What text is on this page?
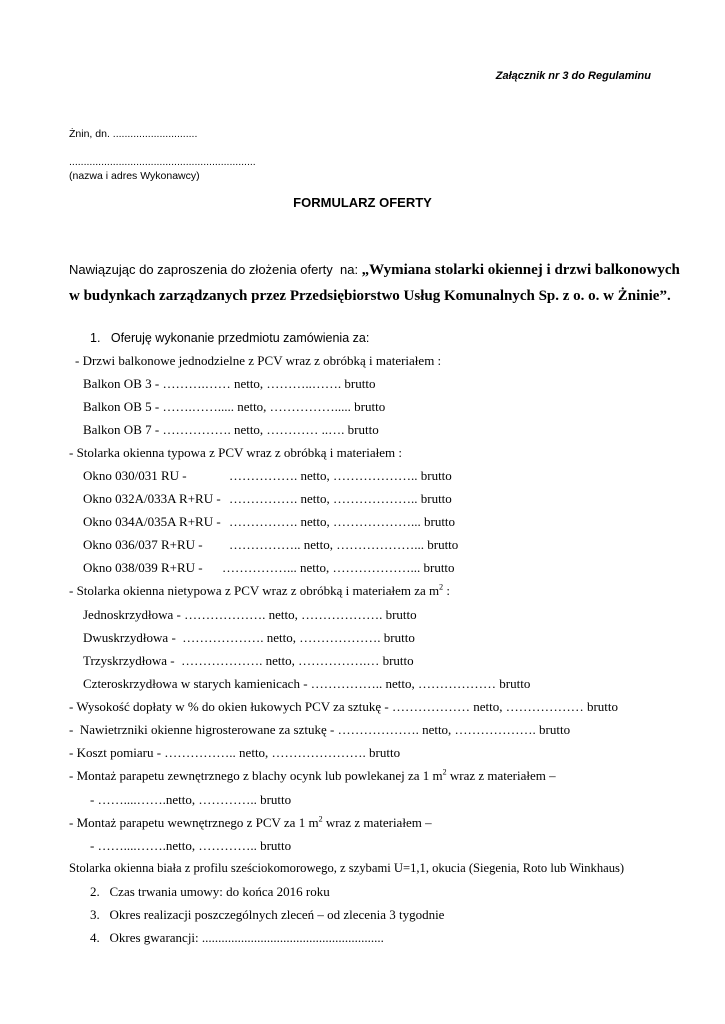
Załącznik nr 3 do Regulaminu
Żnin, dn. .............................
................................................................
(nazwa i adres Wykonawcy)
FORMULARZ OFERTY
Nawiązując do zaproszenia do złożenia oferty  na: „Wymiana stolarki okiennej i drzwi balkonowych
w budynkach zarządzanych przez Przedsiębiorstwo Usług Komunalnych Sp. z o. o. w Żninie”.
1.   Oferuję wykonanie przedmiotu zamówienia za:
- Drzwi balkonowe jednodzielne z PCV wraz z obróbką i materiałem :
Balkon OB 3 - ……….…… netto, ………..……. brutto
Balkon OB 5 - …….……..... netto, ……………..... brutto
Balkon OB 7 - ……………. netto, ………… ..…. brutto
- Stolarka okienna typowa z PCV wraz z obróbką i materiałem :
Okno 030/031 RU -	……………. netto, ……………….. brutto
Okno 032A/033A R+RU - ……………. netto, ……………….. brutto
Okno 034A/035A R+RU - ……………. netto, ………………... brutto
Okno 036/037 R+RU - …………….. netto, ………………... brutto
Okno 038/039 R+RU - ……………... netto, ………………... brutto
- Stolarka okienna nietypowa z PCV wraz z obróbką i materiałem za $m^2$ :
Jednoskrzydłowa - ………………. netto, ………………. brutto
Dwuskrzydłowa -  ………………. netto, ………………. brutto
Trzyskrzydłowa -  ………………. netto, …………….… brutto
Czteroskrzydłowa w starych kamienicach - …………….. netto, ……………… brutto
- Wysokość dopłaty w % do okien łukowych PCV za sztukę - ……………… netto, ……………… brutto
-  Nawietrzniki okienne higrosterowane za sztukę - ………………. netto, ………………. brutto
- Koszt pomiaru - …………….. netto, …………………. brutto
- Montaż parapetu zewnętrznego z blachy ocynk lub powlekanej za 1 $m^2$ wraz z materiałem –
- ……....…….netto, ………….. brutto
- Montaż parapetu wewnętrznego z PCV za 1 $m^2$ wraz z materiałem –
- ……....…….netto, ………….. brutto
Stolarka okienna biała z profilu sześciokomorowego, z szybami U=1,1, okucia (Siegenia, Roto lub Winkhaus)
2.   Czas trwania umowy: do końca 2016 roku
3.   Okres realizacji poszczególnych zleceń – od zlecenia 3 tygodnie
4.   Okres gwarancji: ........................................................
